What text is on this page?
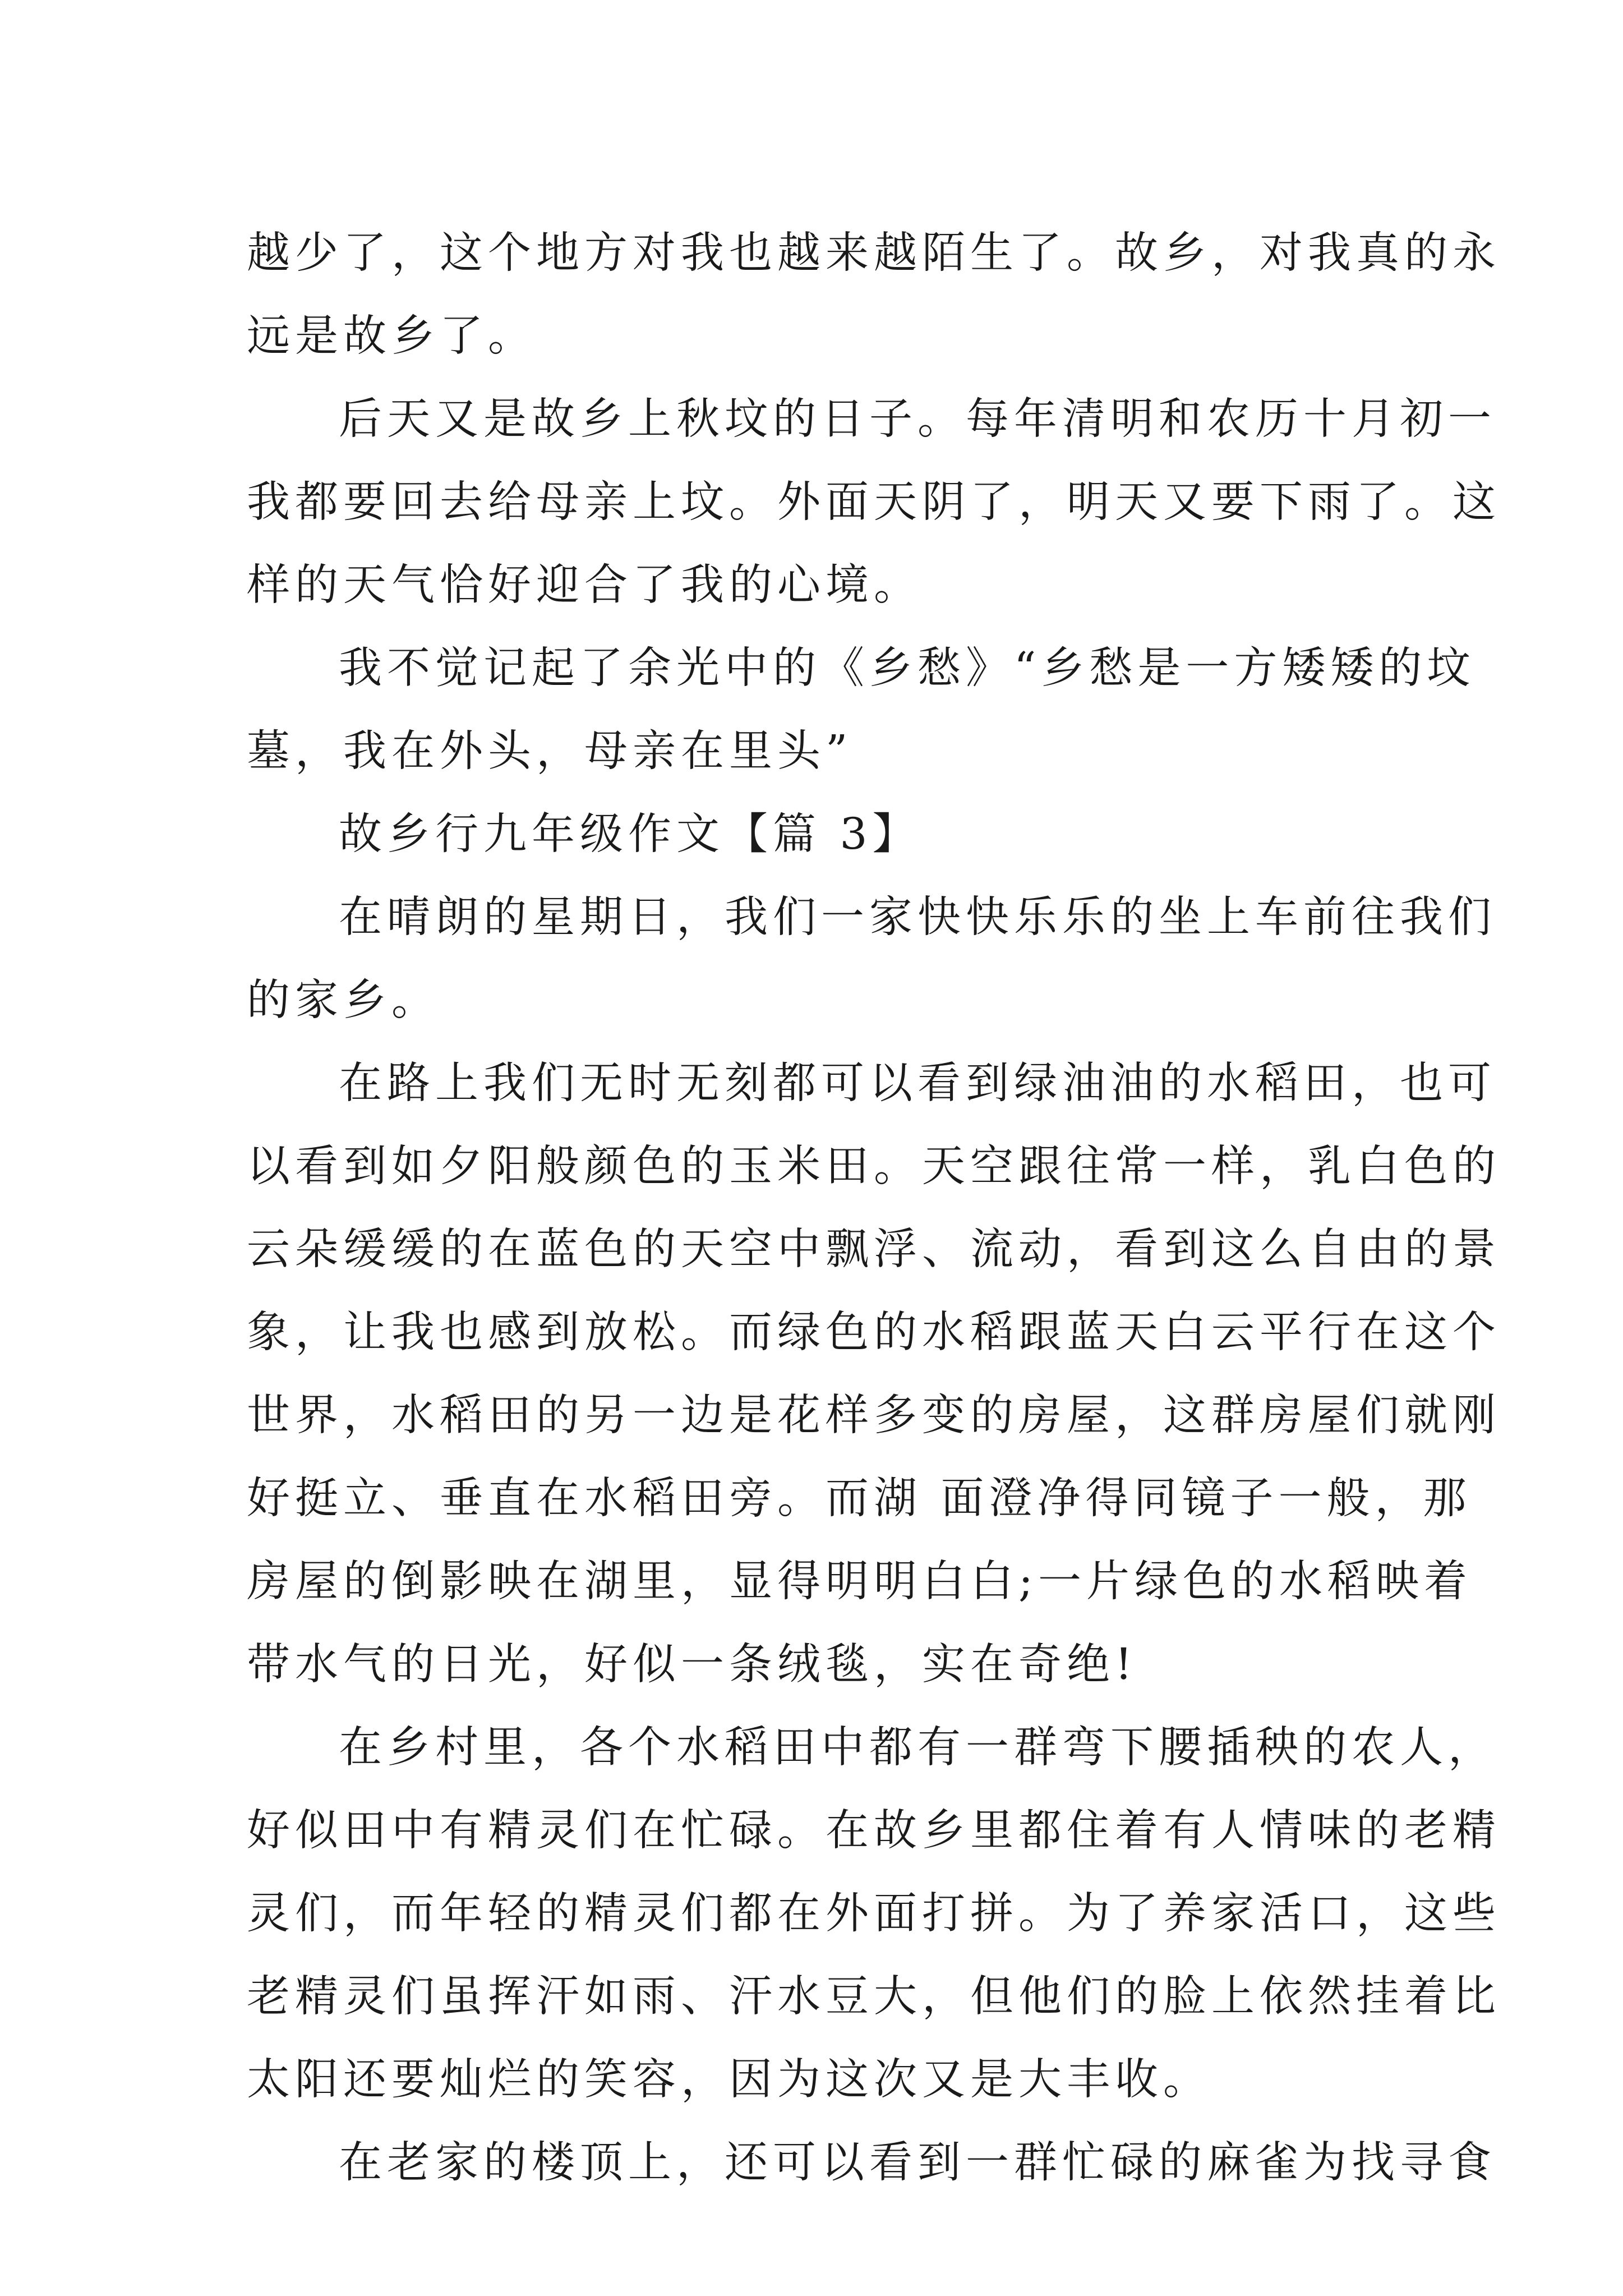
越少了，这个地方对我也越来越陌生了。故乡，对我真的永
远是故乡了。
后天又是故乡上秋坟的日子。每年清明和农历十月初一
我都要回去给母亲上坟。外面天阴了，明天又要下雨了。这
样的天气恰好迎合了我的心境。
我不觉记起了余光中的《乡愁》“乡愁是一方矮矮的坟
墓，我在外头，母亲在里头”
故乡行九年级作文【篇 3】
在晴朗的星期日，我们一家快快乐乐的坐上车前往我们
的家乡。
在路上我们无时无刻都可以看到绿油油的水稻田，也可
以看到如夕阳般颜色的玉米田。天空跟往常一样，乳白色的
云朵缓缓的在蓝色的天空中飘浮、流动，看到这么自由的景
象，让我也感到放松。而绿色的水稻跟蓝天白云平行在这个
世界，水稻田的另一边是花样多变的房屋，这群房屋们就刚
好挺立、垂直在水稻田旁。而湖 面澄净得同镜子一般，那
房屋的倒影映在湖里，显得明明白白;一片绿色的水稻映着
带水气的日光，好似一条绒毯，实在奇绝!
在乡村里，各个水稻田中都有一群弯下腰插秧的农人，
好似田中有精灵们在忙碌。在故乡里都住着有人情味的老精
灵们，而年轻的精灵们都在外面打拼。为了养家活口，这些
老精灵们虽挥汗如雨、汗水豆大，但他们的脸上依然挂着比
太阳还要灿烂的笑容，因为这次又是大丰收。
在老家的楼顶上，还可以看到一群忙碌的麻雀为找寻食
